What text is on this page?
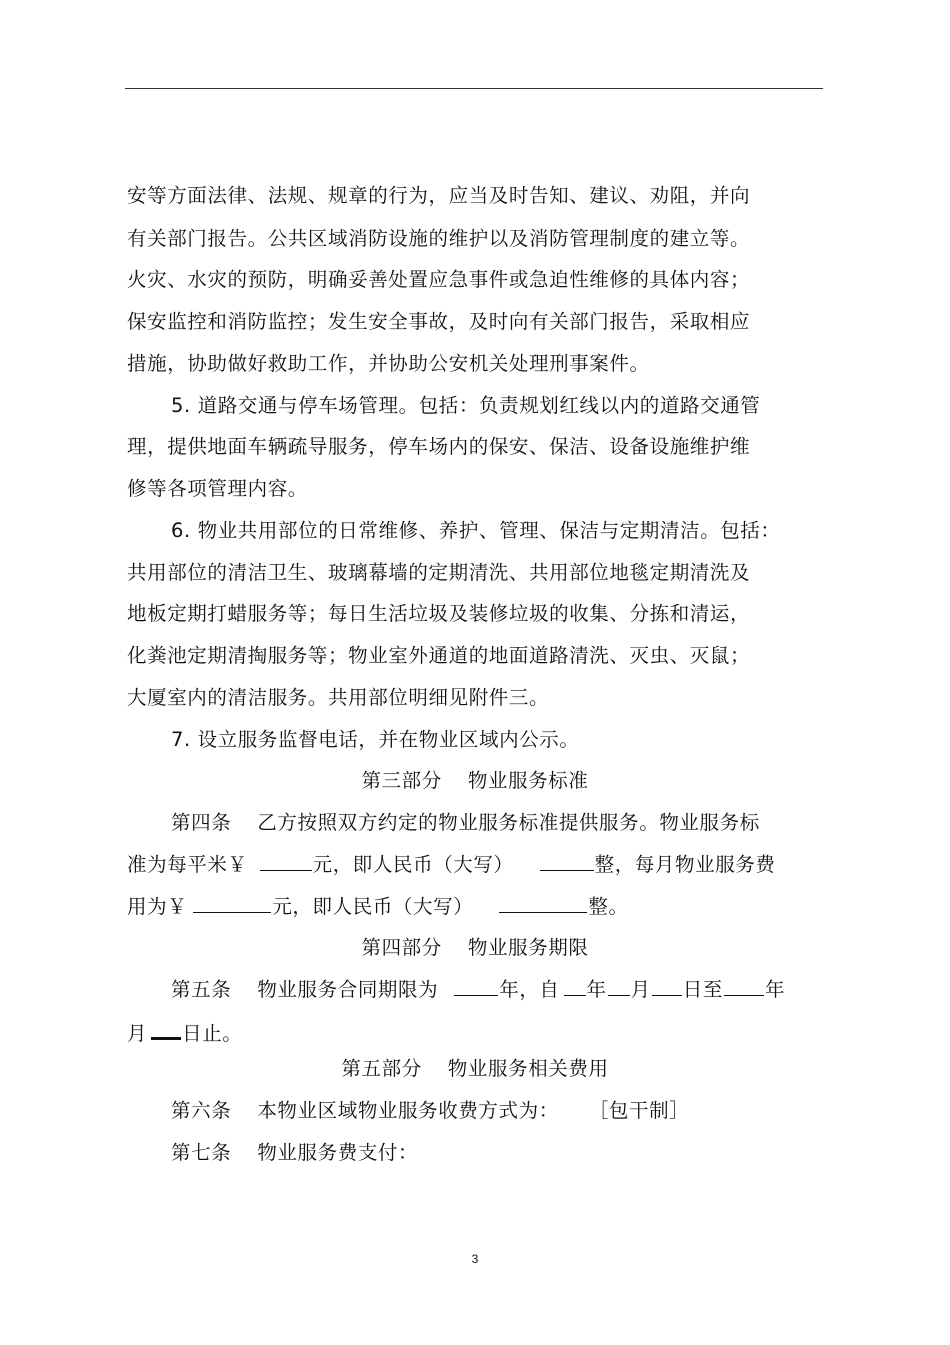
安等方面法律、法规、规章的行为，应当及时告知、建议、劝阻，并向
有关部门报告。公共区域消防设施的维护以及消防管理制度的建立等。
火灾、水灾的预防，明确妥善处置应急事件或急迫性维修的具体内容；
保安监控和消防监控；发生安全事故，及时向有关部门报告，采取相应
措施，协助做好救助工作，并协助公安机关处理刑事案件。
5. 道路交通与停车场管理。包括：负责规划红线以内的道路交通管
理，提供地面车辆疏导服务，停车场内的保安、保洁、设备设施维护维
修等各项管理内容。
6. 物业共用部位的日常维修、养护、管理、保洁与定期清洁。包括：
共用部位的清洁卫生、玻璃幕墙的定期清洗、共用部位地毯定期清洗及
地板定期打蜡服务等；每日生活垃圾及装修垃圾的收集、分拣和清运，
化粪池定期清掏服务等；物业室外通道的地面道路清洗、灭虫、灭鼠；
大厦室内的清洁服务。共用部位明细见附件三。
7. 设立服务监督电话，并在物业区域内公示。
第三部分 物业服务标准
第四条 乙方按照双方约定的物业服务标准提供服务。物业服务标
准为每平米￥	元，即人民币（大写）	整，每月物业服务费
用为￥	元，即人民币（大写）	整。
第四部分 物业服务期限
第五条 物业服务合同期限为	年，自 年 月 日至 年
月 日止。
第五部分 物业服务相关费用
第六条 本物业区域物业服务收费方式为： ［包干制］
第七条 物业服务费支付：
3
